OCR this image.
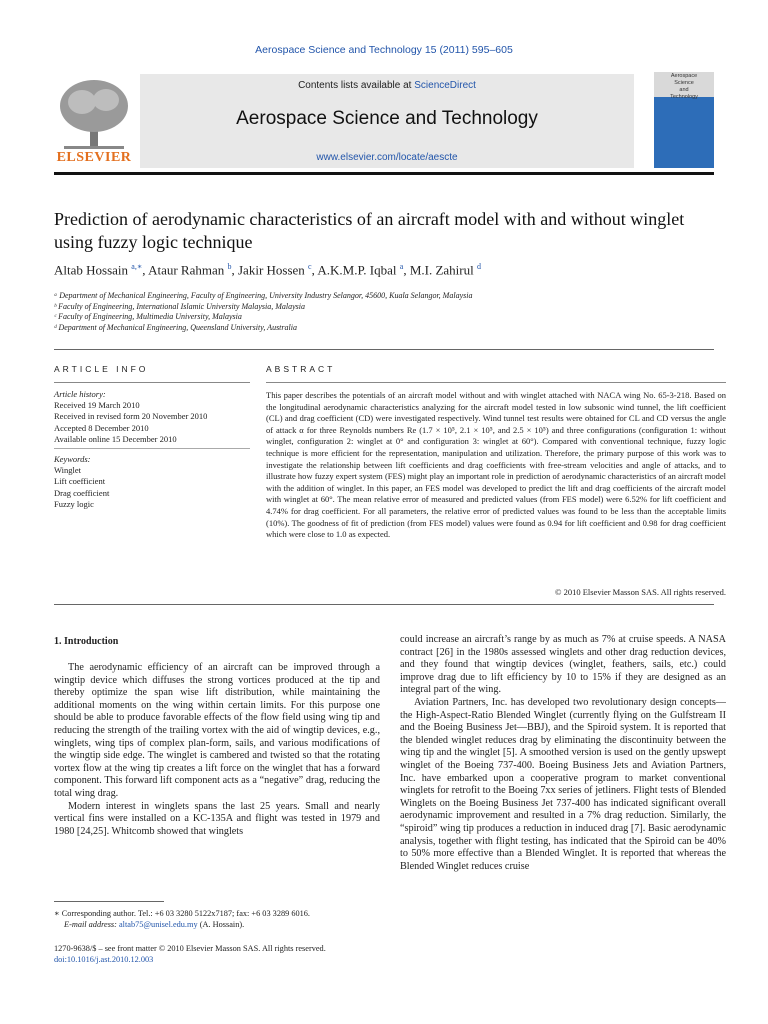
Aerospace Science and Technology 15 (2011) 595–605
ELSEVIER
Contents lists available at ScienceDirect
Aerospace Science and Technology
www.elsevier.com/locate/aescte
Aerospace
Science
and
Technology
Prediction of aerodynamic characteristics of an aircraft model with and without winglet using fuzzy logic technique
Altab Hossain $^{a,∗}$, Ataur Rahman $^b$, Jakir Hossen $^c$, A.K.M.P. Iqbal $^a$, M.I. Zahirul $^d$
ᵃ Department of Mechanical Engineering, Faculty of Engineering, University Industry Selangor, 45600, Kuala Selangor, Malaysia
ᵇ Faculty of Engineering, International Islamic University Malaysia, Malaysia
ᶜ Faculty of Engineering, Multimedia University, Malaysia
ᵈ Department of Mechanical Engineering, Queensland University, Australia
ARTICLE INFO	ABSTRACT
Article history:
Received 19 March 2010
Received in revised form 20 November 2010
Accepted 8 December 2010
Available online 15 December 2010
Keywords:
Winglet
Lift coefficient
Drag coefficient
Fuzzy logic
This paper describes the potentials of an aircraft model without and with winglet attached with NACA wing No. 65-3-218. Based on the longitudinal aerodynamic characteristics analyzing for the aircraft model tested in low subsonic wind tunnel, the lift coefficient (CL) and drag coefficient (CD) were investigated respectively. Wind tunnel test results were obtained for CL and CD versus the angle of attack α for three Reynolds numbers Re (1.7 × 10⁵, 2.1 × 10⁵, and 2.5 × 10⁵) and three configurations (configuration 1: without winglet, configuration 2: winglet at 0° and configuration 3: winglet at 60°). Compared with conventional technique, fuzzy logic technique is more efficient for the representation, manipulation and utilization. Therefore, the primary purpose of this work was to investigate the relationship between lift coefficients and drag coefficients with free-stream velocities and angle of attacks, and to illustrate how fuzzy expert system (FES) might play an important role in prediction of aerodynamic characteristics of an aircraft model with the addition of winglet. In this paper, an FES model was developed to predict the lift and drag coefficients of the aircraft model with winglet at 60°. The mean relative error of measured and predicted values (from FES model) were 6.52% for lift coefficient and 4.74% for drag coefficient. For all parameters, the relative error of predicted values was found to be less than the acceptable limits (10%). The goodness of fit of prediction (from FES model) values were found as 0.94 for lift coefficient and 0.98 for drag coefficient which were close to 1.0 as expected.
© 2010 Elsevier Masson SAS. All rights reserved.
1. Introduction

The aerodynamic efficiency of an aircraft can be improved through a wingtip device which diffuses the strong vortices produced at the tip and thereby optimize the span wise lift distribution, while maintaining the additional moments on the wing within certain limits. For this purpose one should be able to produce favorable effects of the flow field using wing tip and reducing the strength of the trailing vortex with the aid of wingtip devices, e.g., winglets, wing tips of complex plan-form, sails, and various modifications of the wingtip side edge. The winglet is cambered and twisted so that the rotating vortex flow at the wing tip creates a lift force on the winglet that has a forward component. This forward lift component acts as a “negative” drag, reducing the total wing drag.

Modern interest in winglets spans the last 25 years. Small and nearly vertical fins were installed on a KC-135A and flight was tested in 1979 and 1980 [24,25]. Whitcomb showed that winglets

could increase an aircraft’s range by as much as 7% at cruise speeds. A NASA contract [26] in the 1980s assessed winglets and other drag reduction devices, and they found that wingtip devices (winglet, feathers, sails, etc.) could improve drag due to lift efficiency by 10 to 15% if they are designed as an integral part of the wing.

Aviation Partners, Inc. has developed two revolutionary design concepts—the High-Aspect-Ratio Blended Winglet (currently flying on the Gulfstream II and the Boeing Business Jet—BBJ), and the Spiroid system. It is reported that the blended winglet reduces drag by eliminating the discontinuity between the wing tip and the winglet [5]. A smoothed version is used on the gently upswept winglet of the Boeing 737-400. Boeing Business Jets and Aviation Partners, Inc. have embarked upon a cooperative program to market conventional winglets for retrofit to the Boeing 7xx series of jetliners. Flight tests of Blended Winglets on the Boeing Business Jet 737-400 has indicated significant overall aerodynamic improvement and resulted in a 7% drag reduction. Similarly, the “spiroid” wing tip produces a reduction in induced drag [7]. Basic aerodynamic analysis, together with flight testing, has indicated that the Spiroid can be 40% to 50% more effective than a Blended Winglet. It is reported that whereas the Blended Winglet reduces cruise

∗ Corresponding author. Tel.: +6 03 3280 5122x7187; fax: +6 03 3289 6016.
E-mail address: altab75@unisel.edu.my (A. Hossain).
1270-9638/$ – see front matter © 2010 Elsevier Masson SAS. All rights reserved.
doi:10.1016/j.ast.2010.12.003
